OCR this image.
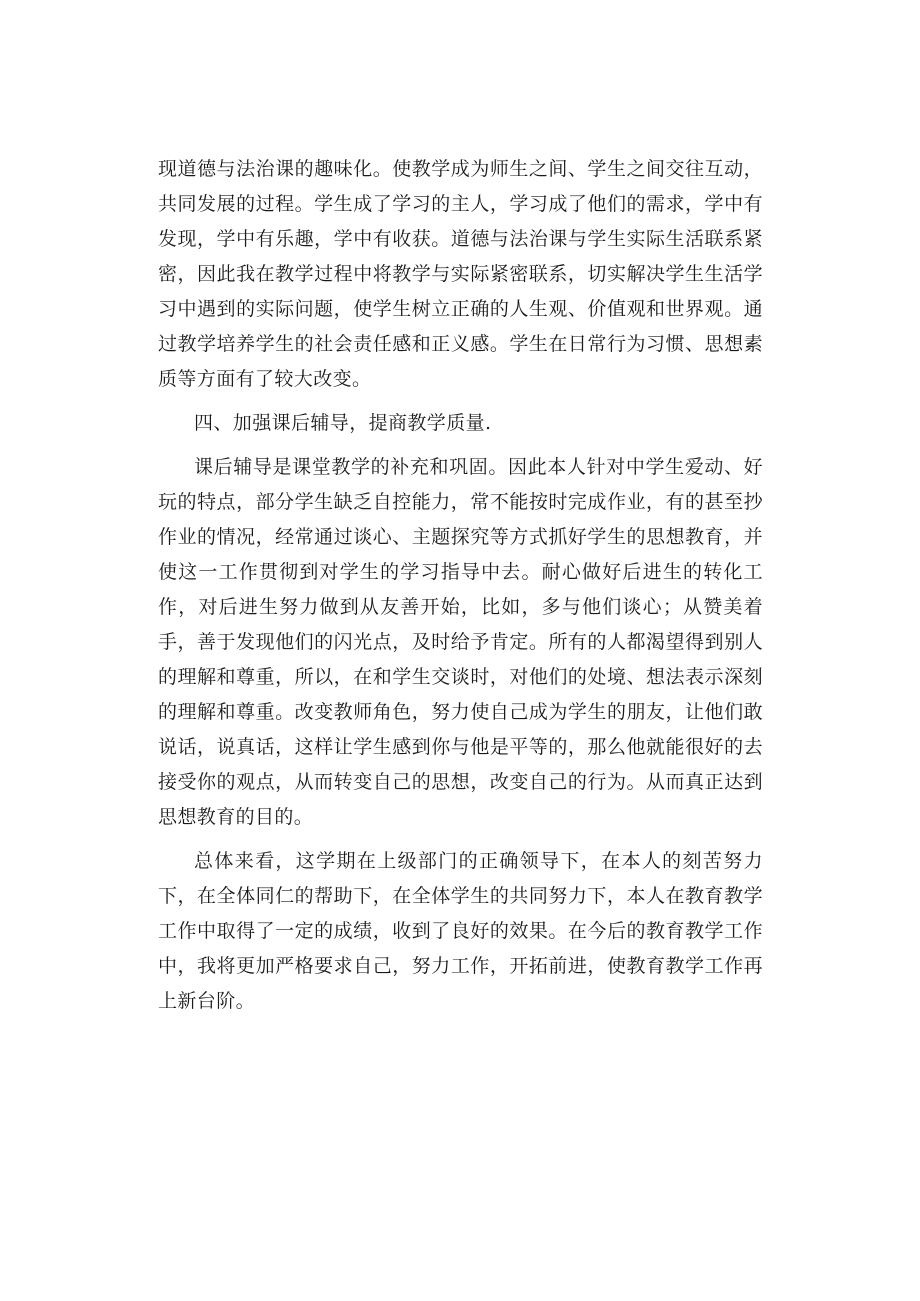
现道德与法治课的趣味化。使教学成为师生之间、学生之间交往互动，共同发展的过程。学生成了学习的主人，学习成了他们的需求，学中有发现，学中有乐趣，学中有收获。道德与法治课与学生实际生活联系紧密，因此我在教学过程中将教学与实际紧密联系，切实解决学生生活学习中遇到的实际问题，使学生树立正确的人生观、价值观和世界观。通过教学培养学生的社会责任感和正义感。学生在日常行为习惯、思想素质等方面有了较大改变。

四、加强课后辅导，提商教学质量.

课后辅导是课堂教学的补充和巩固。因此本人针对中学生爱动、好玩的特点，部分学生缺乏自控能力，常不能按时完成作业，有的甚至抄作业的情况，经常通过谈心、主题探究等方式抓好学生的思想教育，并使这一工作贯彻到对学生的学习指导中去。耐心做好后进生的转化工作，对后进生努力做到从友善开始，比如，多与他们谈心；从赞美着手，善于发现他们的闪光点，及时给予肯定。所有的人都渴望得到别人的理解和尊重，所以，在和学生交谈时，对他们的处境、想法表示深刻的理解和尊重。改变教师角色，努力使自己成为学生的朋友，让他们敢说话，说真话，这样让学生感到你与他是平等的，那么他就能很好的去接受你的观点，从而转变自己的思想，改变自己的行为。从而真正达到思想教育的目的。

总体来看，这学期在上级部门的正确领导下，在本人的刻苦努力下，在全体同仁的帮助下，在全体学生的共同努力下，本人在教育教学工作中取得了一定的成绩，收到了良好的效果。在今后的教育教学工作中，我将更加严格要求自己，努力工作，开拓前进，使教育教学工作再上新台阶。
